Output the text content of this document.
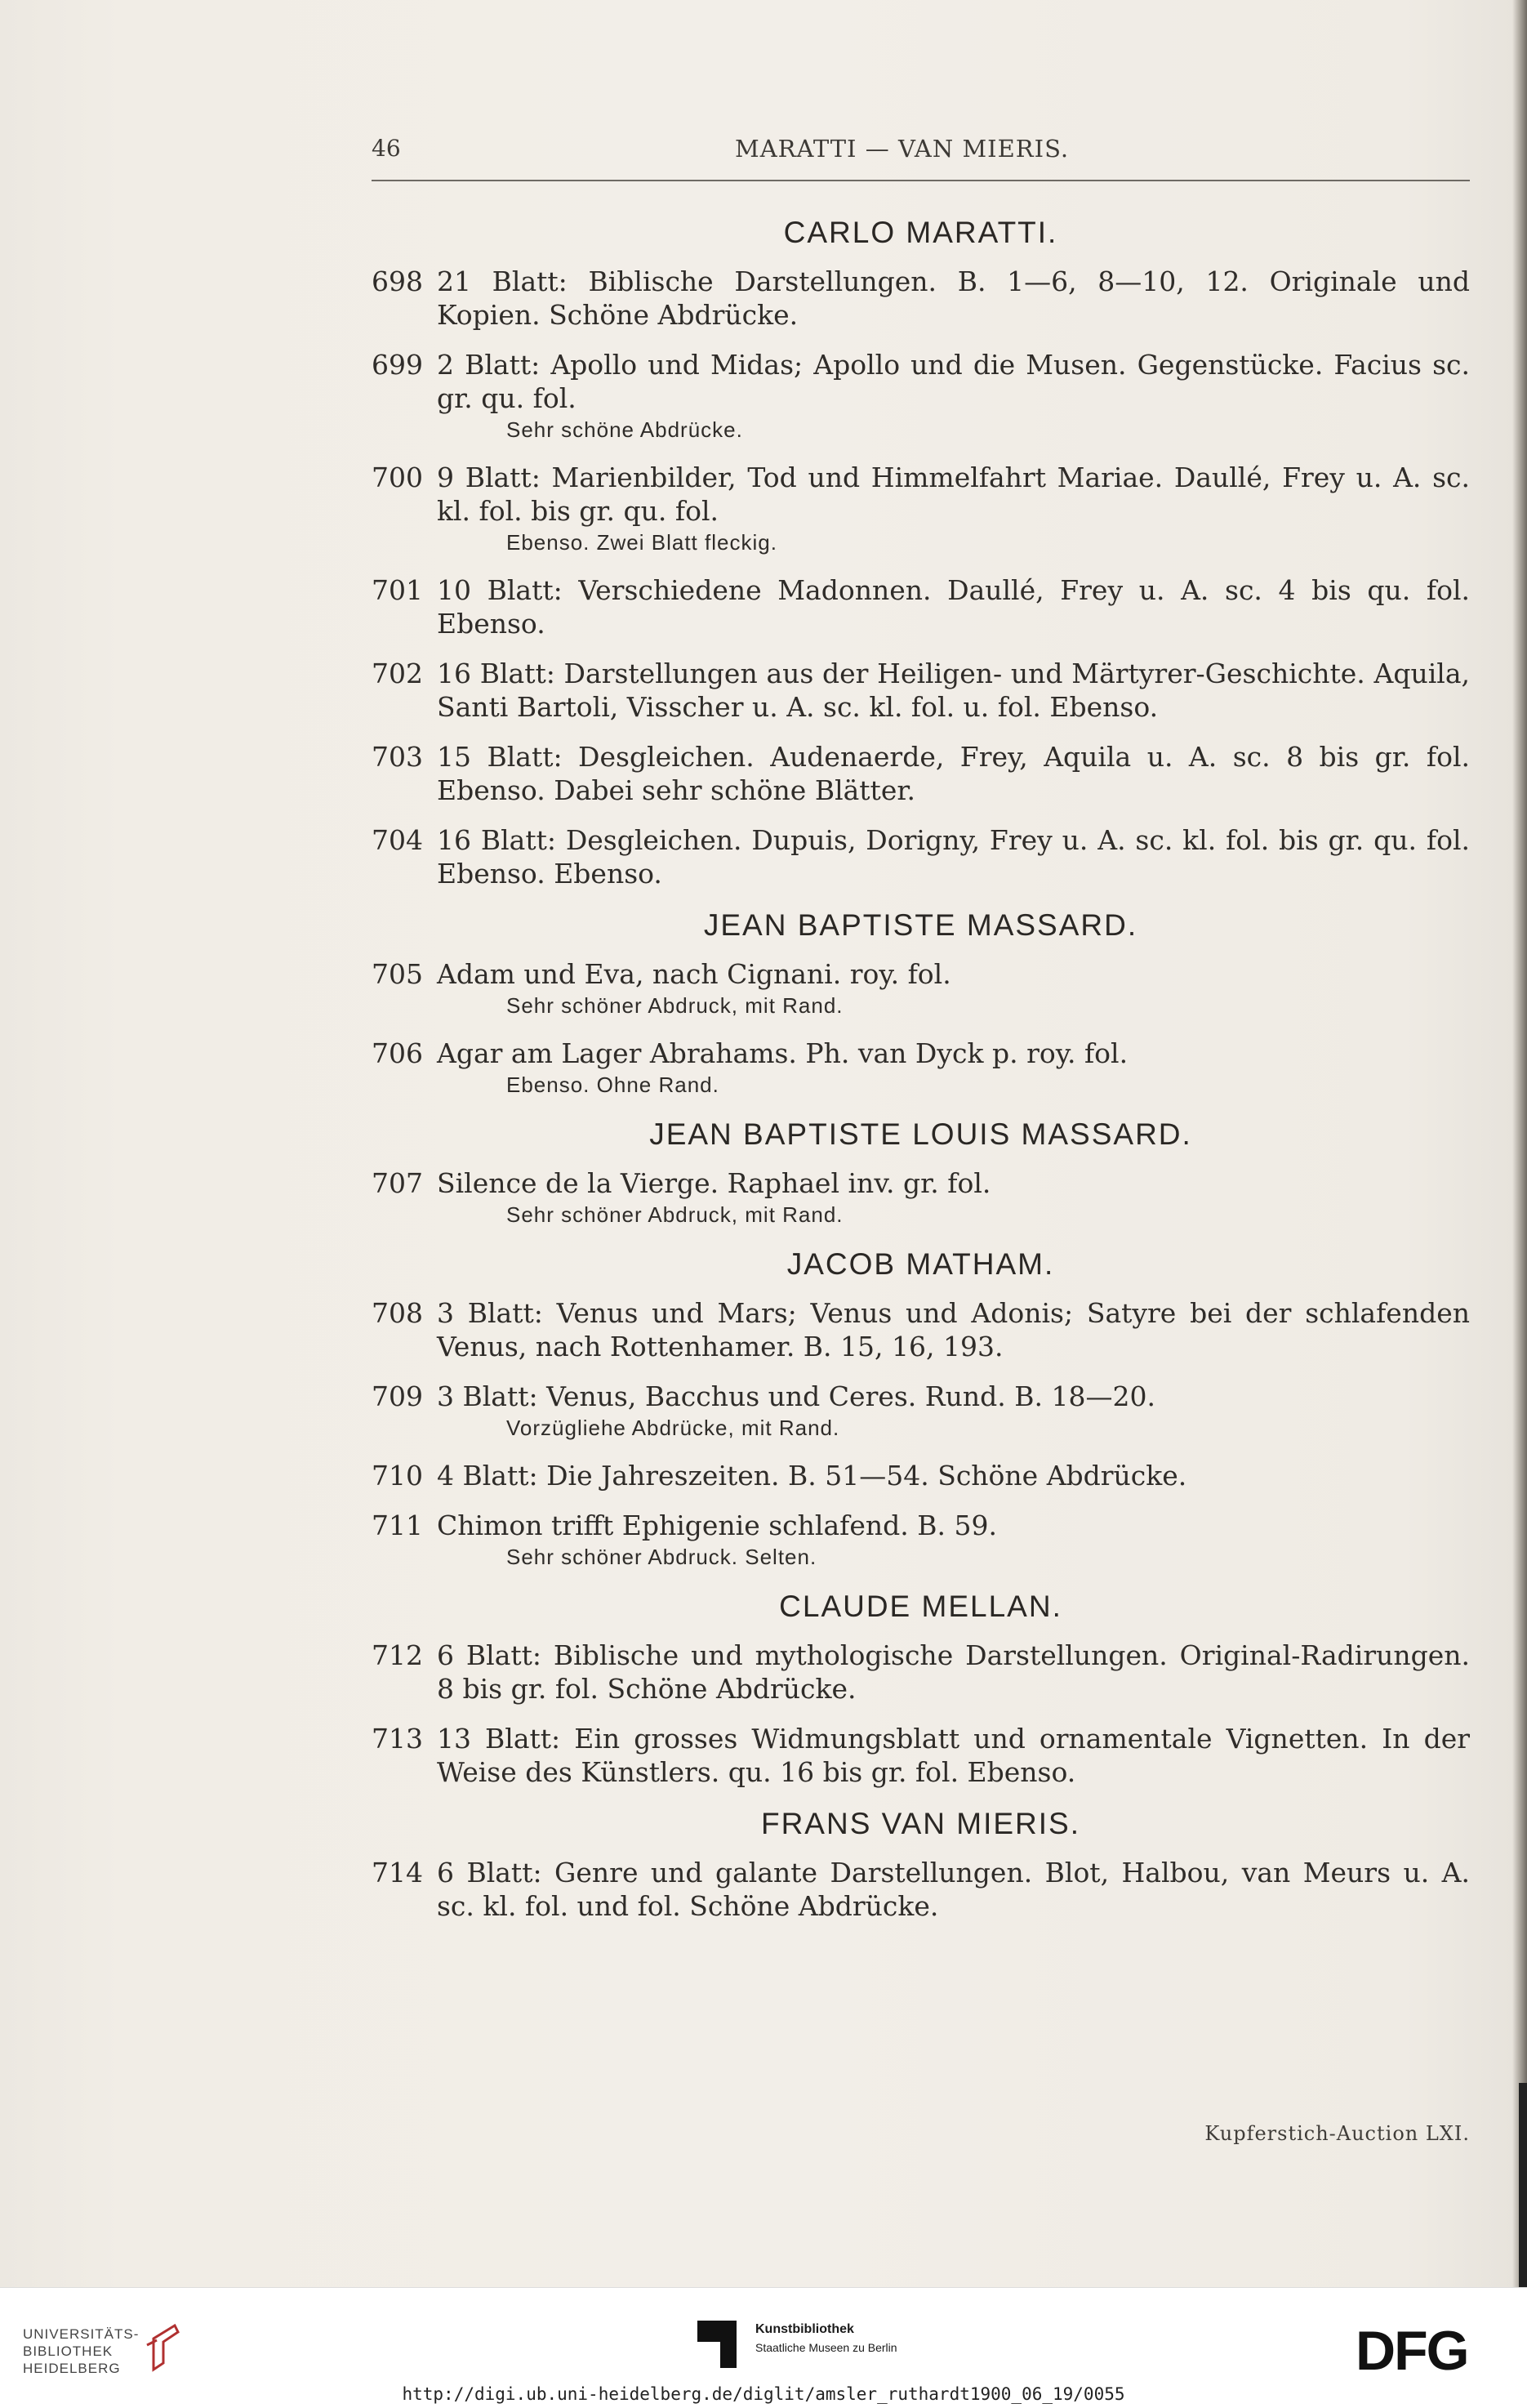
46	MARATTI — VAN MIERIS.
CARLO MARATTI.
698 21 Blatt: Biblische Darstellungen. B. 1—6, 8—10, 12. Originale und Kopien. Schöne Abdrücke.
699 2 Blatt: Apollo und Midas; Apollo und die Musen. Gegenstücke. Facius sc. gr. qu. fol.
Sehr schöne Abdrücke.
700 9 Blatt: Marienbilder, Tod und Himmelfahrt Mariae. Daullé, Frey u. A. sc. kl. fol. bis gr. qu. fol.
Ebenso. Zwei Blatt fleckig.
701 10 Blatt: Verschiedene Madonnen. Daullé, Frey u. A. sc. 4 bis qu. fol. Ebenso.
702 16 Blatt: Darstellungen aus der Heiligen- und Märtyrer-Geschichte. Aquila, Santi Bartoli, Visscher u. A. sc. kl. fol. u. fol. Ebenso.
703 15 Blatt: Desgleichen. Audenaerde, Frey, Aquila u. A. sc. 8 bis gr. fol. Ebenso. Dabei sehr schöne Blätter.
704 16 Blatt: Desgleichen. Dupuis, Dorigny, Frey u. A. sc. kl. fol. bis gr. qu. fol. Ebenso. Ebenso.
JEAN BAPTISTE MASSARD.
705 Adam und Eva, nach Cignani. roy. fol.
Sehr schöner Abdruck, mit Rand.
706 Agar am Lager Abrahams. Ph. van Dyck p. roy. fol.
Ebenso. Ohne Rand.
JEAN BAPTISTE LOUIS MASSARD.
707 Silence de la Vierge. Raphael inv. gr. fol.
Sehr schöner Abdruck, mit Rand.
JACOB MATHAM.
708 3 Blatt: Venus und Mars; Venus und Adonis; Satyre bei der schlafenden Venus, nach Rottenhamer. B. 15, 16, 193.
709 3 Blatt: Venus, Bacchus und Ceres. Rund. B. 18—20.
Vorzügliehe Abdrücke, mit Rand.
710 4 Blatt: Die Jahreszeiten. B. 51—54. Schöne Abdrücke.
711 Chimon trifft Ephigenie schlafend. B. 59.
Sehr schöner Abdruck. Selten.
CLAUDE MELLAN.
712 6 Blatt: Biblische und mythologische Darstellungen. Original-Radirungen. 8 bis gr. fol. Schöne Abdrücke.
713 13 Blatt: Ein grosses Widmungsblatt und ornamentale Vignetten. In der Weise des Künstlers. qu. 16 bis gr. fol. Ebenso.
FRANS VAN MIERIS.
714 6 Blatt: Genre und galante Darstellungen. Blot, Halbou, van Meurs u. A. sc. kl. fol. und fol. Schöne Abdrücke.
Kupferstich-Auction LXI.
UNIVERSITÄTS-
BIBLIOTHEK
HEIDELBERG
Kunstbibliothek
Staatliche Museen zu Berlin	DFG
http://digi.ub.uni-heidelberg.de/diglit/amsler_ruthardt1900_06_19/0055
